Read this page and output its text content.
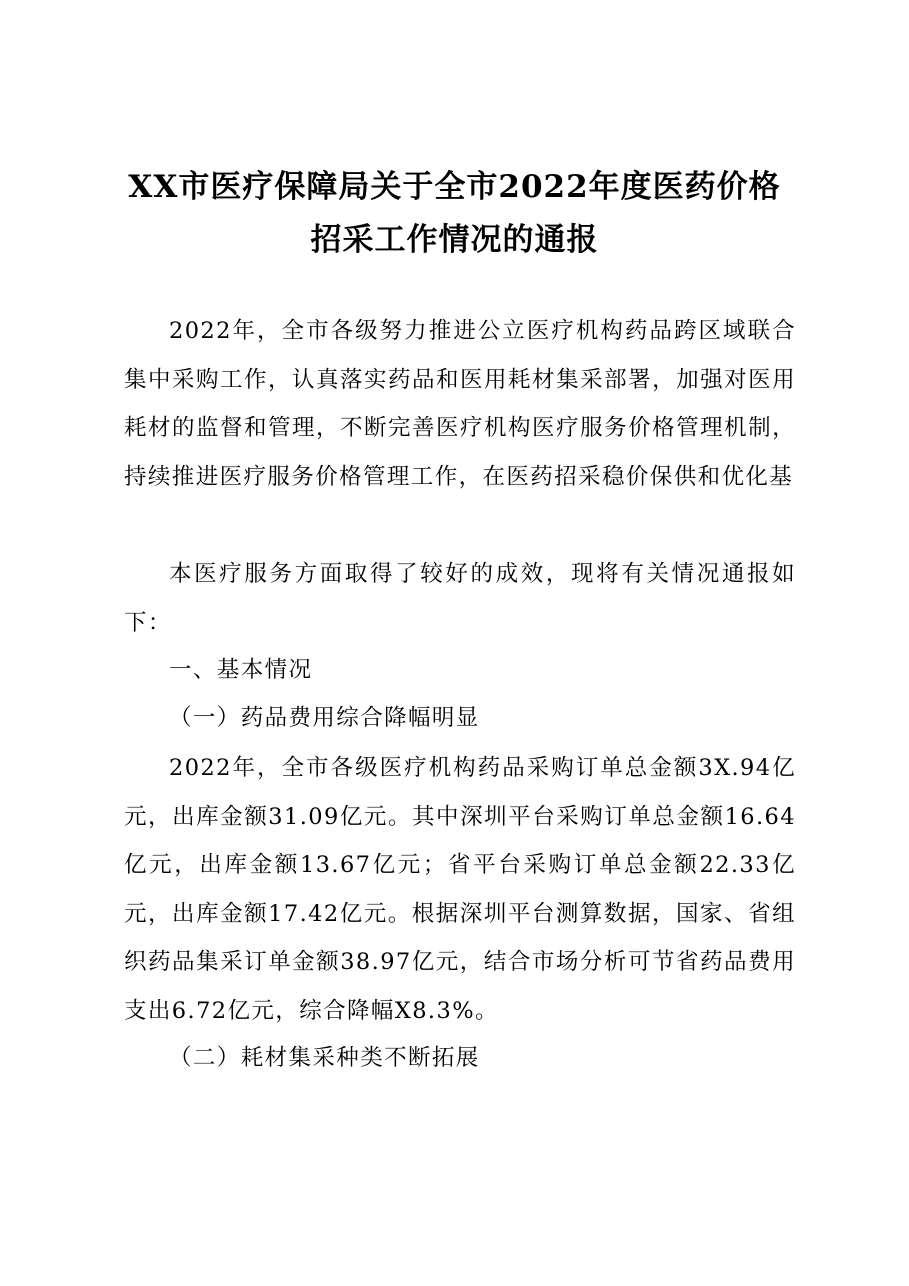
XX市医疗保障局关于全市2022年度医药价格
招采工作情况的通报

2022年，全市各级努力推进公立医疗机构药品跨区域联合集中采购工作，认真落实药品和医用耗材集采部署，加强对医用耗材的监督和管理，不断完善医疗机构医疗服务价格管理机制，持续推进医疗服务价格管理工作，在医药招采稳价保供和优化基

本医疗服务方面取得了较好的成效，现将有关情况通报如下：

一、基本情况

（一）药品费用综合降幅明显

2022年，全市各级医疗机构药品采购订单总金额3X.94亿元，出库金额31.09亿元。其中深圳平台采购订单总金额16.64亿元，出库金额13.67亿元；省平台采购订单总金额22.33亿元，出库金额17.42亿元。根据深圳平台测算数据，国家、省组织药品集采订单金额38.97亿元，结合市场分析可节省药品费用支出6.72亿元，综合降幅X8.3%。

（二）耗材集采种类不断拓展
